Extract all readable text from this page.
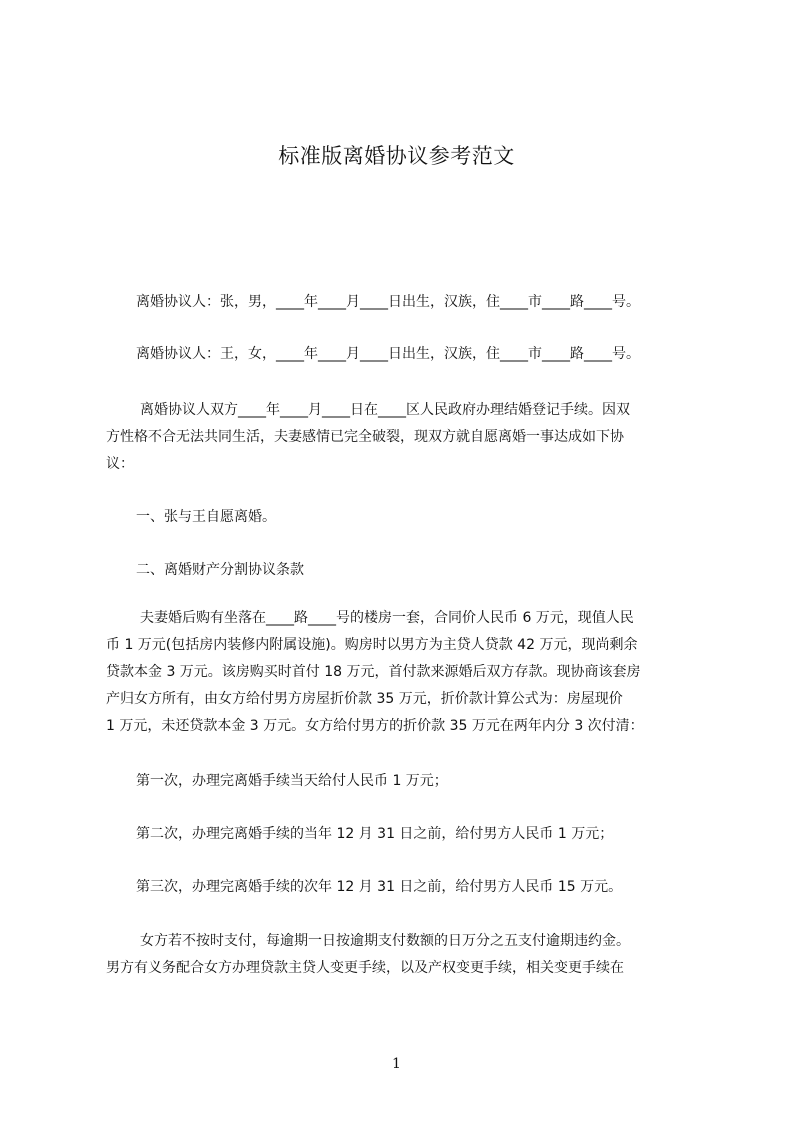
标准版离婚协议参考范文
离婚协议人：张，男，____年____月____日出生，汉族，住____市____路____号。
离婚协议人：王，女，____年____月____日出生，汉族，住____市____路____号。
离婚协议人双方____年____月____日在____区人民政府办理结婚登记手续。因双
方性格不合无法共同生活，夫妻感情已完全破裂，现双方就自愿离婚一事达成如下协
议：
一、张与王自愿离婚。
二、离婚财产分割协议条款
夫妻婚后购有坐落在____路____号的楼房一套，合同价人民币 6 万元，现值人民
币 1 万元(包括房内装修内附属设施)。购房时以男方为主贷人贷款 42 万元，现尚剩余
贷款本金 3 万元。该房购买时首付 18 万元，首付款来源婚后双方存款。现协商该套房
产归女方所有，由女方给付男方房屋折价款 35 万元，折价款计算公式为：房屋现价
1 万元，未还贷款本金 3 万元。女方给付男方的折价款 35 万元在两年内分 3 次付清：
第一次，办理完离婚手续当天给付人民币 1 万元；
第二次，办理完离婚手续的当年 12 月 31 日之前，给付男方人民币 1 万元；
第三次，办理完离婚手续的次年 12 月 31 日之前，给付男方人民币 15 万元。
女方若不按时支付，每逾期一日按逾期支付数额的日万分之五支付逾期违约金。
男方有义务配合女方办理贷款主贷人变更手续，以及产权变更手续，相关变更手续在
1
